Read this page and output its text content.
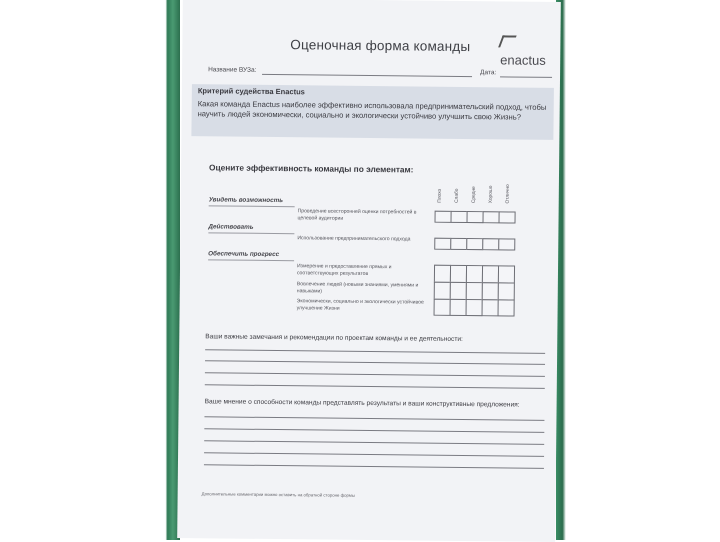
Оценочная форма команды
enactus
Название ВУЗа:	Дата:
Критерий судейства Enactus
Какая команда Enactus наиболее эффективно использовала предпринимательский подход, чтобы научить людей экономически, социально и экологически устойчиво улучшить свою Жизнь?
Оцените эффективность команды по элементам:
Плохо Слабо Средне Хорошо Отлично
Увидеть возможность
Проведение всесторонней оценки потребностей в целевой аудитории
Действовать
Использование предпринимательского подхода
Обеспечить прогресс
Измерение и предоставление прямых и соответствующих результатов
Вовлечение людей (новыми знаниями, умениями и навыками)
Экономически, социально и экологически устойчивое улучшение Жизни
Ваши важные замечания и рекомендации по проектам команды и ее деятельности:
Ваше мнение о способности команды представлять результаты и ваши конструктивные предложения:
Дополнительные комментарии можно оставить на обратной стороне формы
